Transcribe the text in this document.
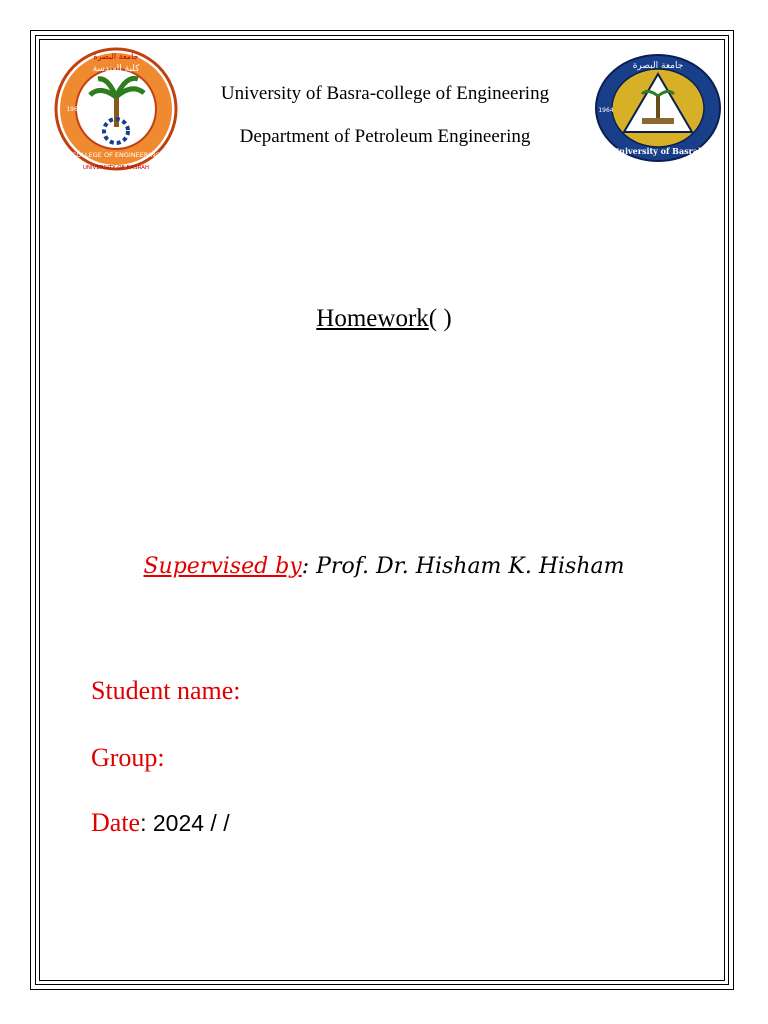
جامعة البصرة
كلية الهندسة
COLLEGE OF ENGINEERING
UNIVERSITY OF BASRAH
1964
University of Basra-college of Engineering
Department of Petroleum Engineering
جامعة البصرة
University of Basrah
1964
Homework( )
Supervised by: Prof. Dr. Hisham K. Hisham
Student name:
Group:
Date: 2024 / /
